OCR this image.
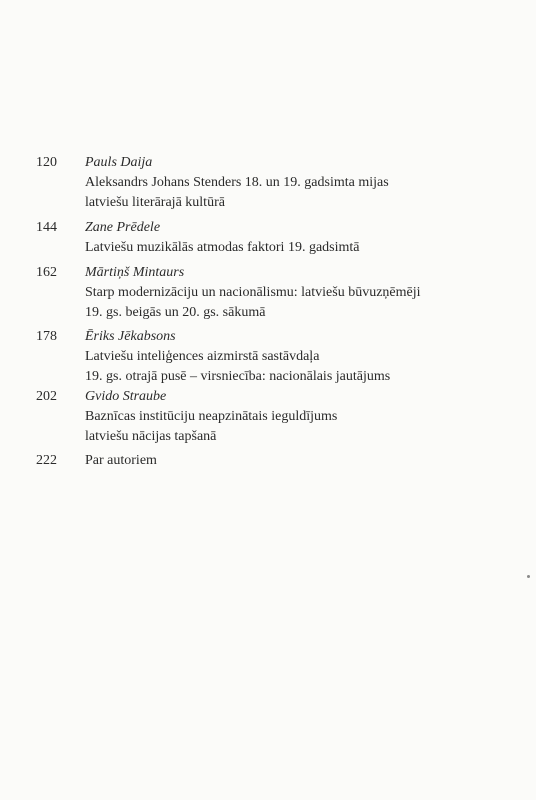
120	Pauls Daija
Aleksandrs Johans Stenders 18. un 19. gadsimta mijas
latviešu literārajā kultūrā
144	Zane Prēdele
Latviešu muzikālās atmodas faktori 19. gadsimtā
162	Mārtiņš Mintaurs
Starp modernizāciju un nacionālismu: latviešu būvuzņēmēji
19. gs. beigās un 20. gs. sākumā
178	Ēriks Jēkabsons
Latviešu inteliģences aizmirstā sastāvdaļa
19. gs. otrajā pusē – virsniecība: nacionālais jautājums
202	Gvido Straube
Baznīcas institūciju neapzinātais ieguldījums
latviešu nācijas tapšanā
222	Par autoriem
